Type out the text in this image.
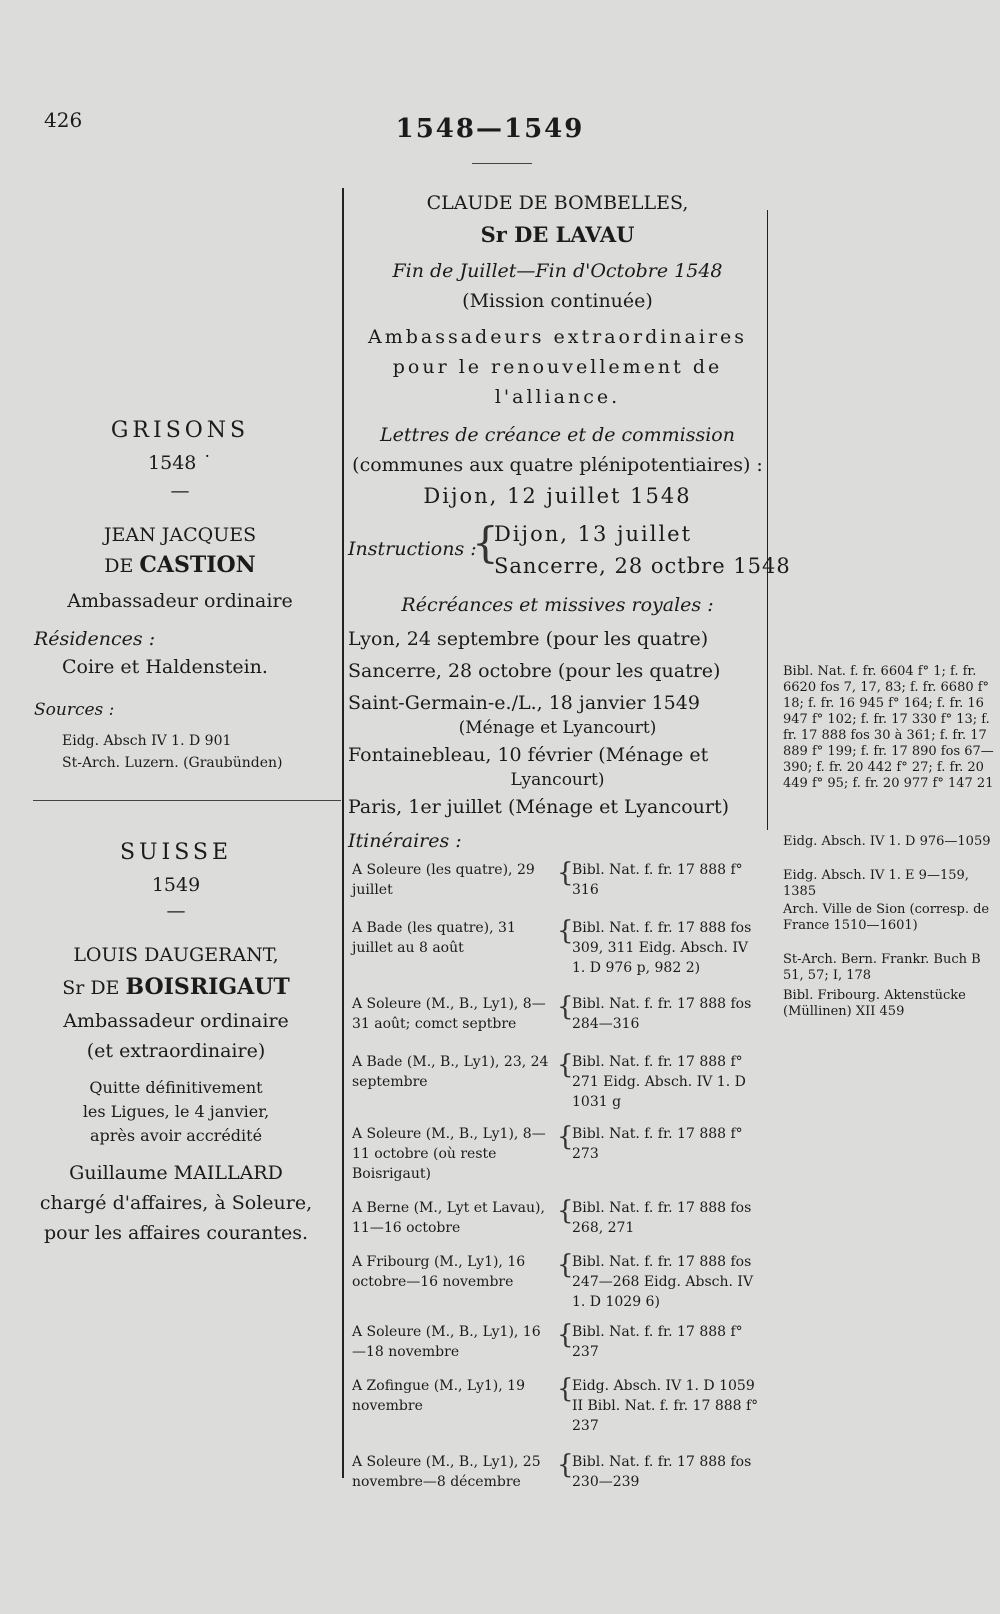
426	1548—1549
GRISONS
1548 ˙
—
JEAN JACQUES
DE CASTION
Ambassadeur ordinaire
Résidences :
Coire et Haldenstein.
Sources :
Eidg. Absch IV 1. D 901
St-Arch. Luzern. (Graubünden)
SUISSE
1549
—
LOUIS DAUGERANT,
Sr DE BOISRIGAUT
Ambassadeur ordinaire
(et extraordinaire)
Quitte définitivement
les Ligues, le 4 janvier,
après avoir accrédité
Guillaume MAILLARD
chargé d'affaires, à Soleure,
pour les affaires courantes.
CLAUDE DE BOMBELLES,
Sr DE LAVAU
Fin de Juillet—Fin d'Octobre 1548
(Mission continuée)
Ambassadeurs extraordinaires
pour le renouvellement de
l'alliance.
Lettres de créance et de commission
(communes aux quatre plénipotentiaires) :
Dijon, 12 juillet 1548
Instructions :
{
Dijon, 13 juillet
Sancerre, 28 octbre 1548
Récréances et missives royales :
Lyon, 24 septembre (pour les quatre)
Sancerre, 28 octobre (pour les quatre)
Saint-Germain-e./L., 18 janvier 1549
(Ménage et Lyancourt)
Fontainebleau, 10 février (Ménage et
Lyancourt)
Paris, 1er juillet (Ménage et Lyancourt)
Itinéraires :
A Soleure (les quatre), 29 juillet
{
Bibl. Nat. f. fr. 17 888 f° 316
A Bade (les quatre), 31 juillet au 8 août
{
Bibl. Nat. f. fr. 17 888 fos 309, 311 Eidg. Absch. IV 1. D 976 p, 982 2)
A Soleure (M., B., Ly1), 8—31 août; comct septbre
{
Bibl. Nat. f. fr. 17 888 fos 284—316
A Bade (M., B., Ly1), 23, 24 septembre
{
Bibl. Nat. f. fr. 17 888 f° 271 Eidg. Absch. IV 1. D 1031 g
A Soleure (M., B., Ly1), 8—11 octobre (où reste Boisrigaut)
{
Bibl. Nat. f. fr. 17 888 f° 273
A Berne (M., Lyt et Lavau), 11—16 octobre
{
Bibl. Nat. f. fr. 17 888 fos 268, 271
A Fribourg (M., Ly1), 16 octobre—16 novembre
{
Bibl. Nat. f. fr. 17 888 fos 247—268 Eidg. Absch. IV 1. D 1029 6)
A Soleure (M., B., Ly1), 16—18 novembre
{
Bibl. Nat. f. fr. 17 888 f° 237
A Zofingue (M., Ly1), 19 novembre
{
Eidg. Absch. IV 1. D 1059 II Bibl. Nat. f. fr. 17 888 f° 237
A Soleure (M., B., Ly1), 25 novembre—8 décembre
{
Bibl. Nat. f. fr. 17 888 fos 230—239
Bibl. Nat. f. fr. 6604 f° 1; f. fr. 6620 fos 7, 17, 83; f. fr. 6680 f° 18; f. fr. 16 945 f° 164; f. fr. 16 947 f° 102; f. fr. 17 330 f° 13; f. fr. 17 888 fos 30 à 361; f. fr. 17 889 f° 199; f. fr. 17 890 fos 67—390; f. fr. 20 442 f° 27; f. fr. 20 449 f° 95; f. fr. 20 977 f° 147 21
Eidg. Absch. IV 1. D 976—1059
Eidg. Absch. IV 1. E 9—159, 1385
Arch. Ville de Sion (corresp. de France 1510—1601)
St-Arch. Bern. Frankr. Buch B 51, 57; I, 178
Bibl. Fribourg. Aktenstücke (Müllinen) XII 459
